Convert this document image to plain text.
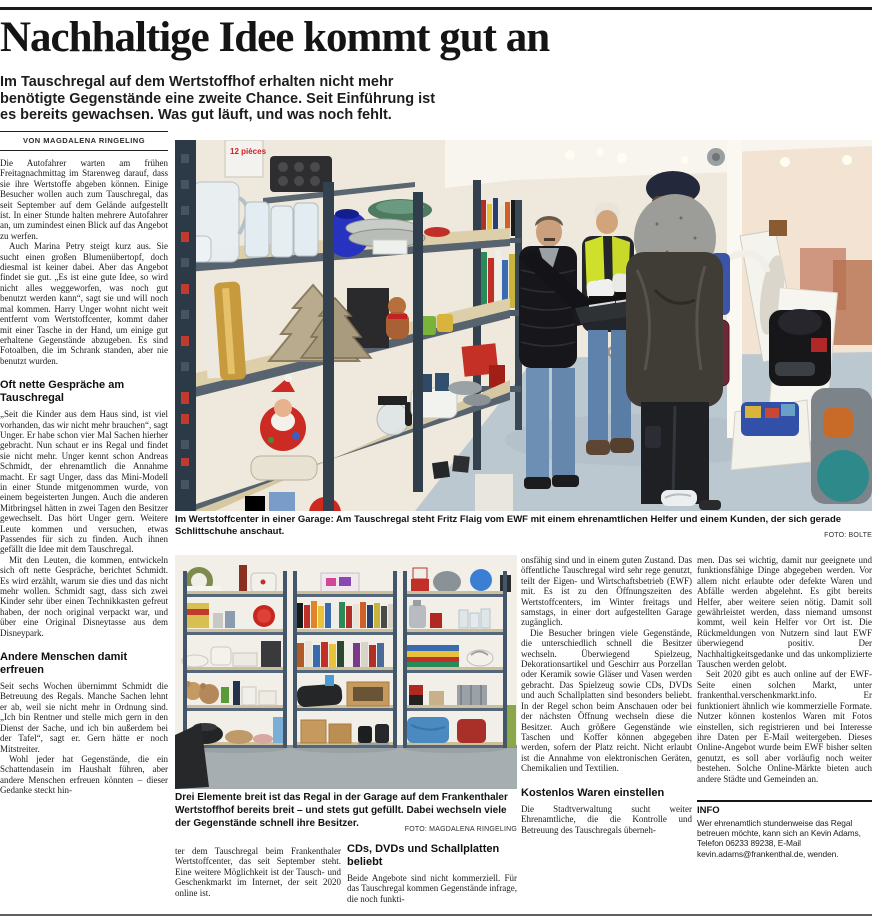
Nachhaltige Idee kommt gut an

Im Tauschregal auf dem Wertstoffhof erhalten nicht mehr benötigte Gegenstände eine zweite Chance. Seit Einführung ist es bereits gewachsen. Was gut läuft, und was noch fehlt.

VON MAGDALENA RINGELING

Die Autofahrer warten am frühen Freitagnachmittag im Starenweg darauf, dass sie ihre Wertstoffe abgeben können. Einige Besucher wollen auch zum Tauschregal, das seit September auf dem Gelände aufgestellt ist. In einer Stunde halten mehrere Autofahrer an, um zumindest einen Blick auf das Angebot zu werfen.

Auch Marina Petry steigt kurz aus. Sie sucht einen großen Blumenübertopf, doch diesmal ist keiner dabei. Aber das Angebot findet sie gut. „Es ist eine gute Idee, so wird nicht alles weggeworfen, was noch gut benutzt werden kann“, sagt sie und will noch mal kommen. Harry Unger wohnt nicht weit entfernt vom Wertstoffcenter, kommt daher mit einer Tasche in der Hand, um einige gut erhaltene Gegenstände abzugeben. Es sind Fotoalben, die im Schrank standen, aber nie benutzt wurden.

Oft nette Gespräche am Tauschregal

„Seit die Kinder aus dem Haus sind, ist viel vorhanden, das wir nicht mehr brauchen“, sagt Unger. Er habe schon vier Mal Sachen hierher gebracht. Nun schaut er ins Regal und findet sie nicht mehr. Unger kennt schon Andreas Schmidt, der ehrenamtlich die Annahme macht. Er sagt Unger, dass das Mini-Modell in einer Stunde mitgenommen wurde, von einem begeisterten Jungen. Auch die anderen Mitbringsel hätten in zwei Tagen den Besitzer gewechselt. Das hört Unger gern. Weitere Leute kommen und versuchen, etwas Passendes für sich zu finden. Auch ihnen gefällt die Idee mit dem Tauschregal.

Mit den Leuten, die kommen, entwickeln sich oft nette Gespräche, berichtet Schmidt. Es wird erzählt, warum sie dies und das nicht mehr wollen. Schmidt sagt, dass sich zwei Kinder sehr über einen Technikkasten gefreut haben, der noch original verpackt war, und über eine Original Disneytasse aus dem Disneypark.

Andere Menschen damit erfreuen

Seit sechs Wochen übernimmt Schmidt die Betreuung des Regals. Manche Sachen lehnt er ab, weil sie nicht mehr in Ordnung sind. „Ich bin Rentner und stelle mich gern in den Dienst der Sache, und ich bin außerdem bei der Tafel“, sagt er. Gern hätte er noch Mitstreiter.

Wohl jeder hat Gegenstände, die ein Schattendasein im Haushalt führen, aber andere Menschen erfreuen könnten – dieser Gedanke steckt hin-

12 pièces
Im Wertstoffcenter in einer Garage: Am Tauschregal steht Fritz Flaig vom EWF mit einem ehrenamtlichen Helfer und einem Kunden, der sich gerade Schlittschuhe anschaut.	FOTO: BOLTE
Drei Elemente breit ist das Regal in der Garage auf dem Frankenthaler Wertstoffhof bereits breit – und stets gut gefüllt. Dabei wechseln viele der Gegenstände schnell ihre Besitzer.
FOTO: MAGDALENA RINGELING

ter dem Tauschregal beim Frankenthaler Wertstoffcenter, das seit September steht. Eine weitere Möglichkeit ist der Tausch- und Geschenkmarkt im Internet, der seit 2020 online ist.

CDs, DVDs und Schallplatten beliebt

Beide Angebote sind nicht kommerziell. Für das Tauschregal kommen Gegenstände infrage, die noch funkti-

onsfähig sind und in einem guten Zustand. Das öffentliche Tauschregal wird sehr rege genutzt, teilt der Eigen- und Wirtschaftsbetrieb (EWF) mit. Es ist zu den Öffnungszeiten des Wertstoffcenters, im Winter freitags und samstags, in einer dort aufgestellten Garage zugänglich.

Die Besucher bringen viele Gegenstände, die unterschiedlich schnell die Besitzer wechseln. Überwiegend Spielzeug, Dekorationsartikel und Geschirr aus Porzellan oder Keramik sowie Gläser und Vasen werden gebracht. Das Spielzeug sowie CDs, DVDs und auch Schallplatten sind besonders beliebt. In der Regel schon beim Anschauen oder bei der nächsten Öffnung wechseln diese die Besitzer. Auch größere Gegenstände wie Taschen und Koffer können abgegeben werden, sofern der Platz reicht. Nicht erlaubt ist die Annahme von elektronischen Geräten, Chemikalien und Textilien.

Kostenlos Waren einstellen

Die Stadtverwaltung sucht weiter Ehrenamtliche, die die Kontrolle und Betreuung des Tauschregals überneh-

men. Das sei wichtig, damit nur geeignete und funktionsfähige Dinge abgegeben werden. Vor allem nicht erlaubte oder defekte Waren und Abfälle werden abgelehnt. Es gibt bereits Helfer, aber weitere seien nötig. Damit soll gewährleistet werden, dass niemand umsonst kommt, weil kein Helfer vor Ort ist. Die Rückmeldungen von Nutzern sind laut EWF überwiegend positiv. Der Nachhaltigkeitsgedanke und das unkomplizierte Tauschen werden gelobt.

Seit 2020 gibt es auch online auf der EWF-Seite einen solchen Markt, unter frankenthal.verschenkmarkt.info. Er funktioniert ähnlich wie kommerzielle Formate. Nutzer können kostenlos Waren mit Fotos einstellen, sich registrieren und bei Interesse ihre Daten per E-Mail weitergeben. Dieses Online-Angebot wurde beim EWF bisher selten genutzt, es soll aber vorläufig noch weiter bestehen. Solche Online-Märkte bieten auch andere Städte und Gemeinden an.

INFO

Wer ehrenamtlich stundenweise das Regal betreuen möchte, kann sich an Kevin Adams, Telefon 06233 89238, E-Mail kevin.adams@frankenthal.de, wenden.
